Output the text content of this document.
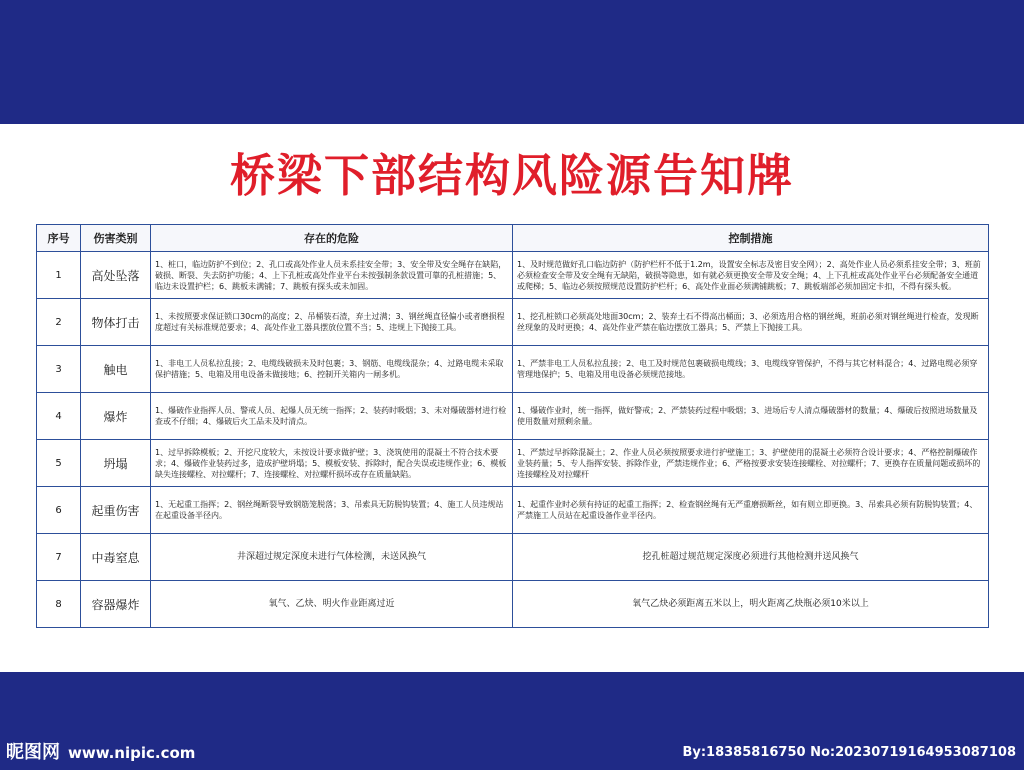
桥梁下部结构风险源告知牌
序号	伤害类别	存在的危险	控制措施
1	高处坠落	1、桩口，临边防护不到位；2、孔口或高处作业人员未系挂安全带；3、安全带及安全绳存在缺陷，破损、断裂、失去防护功能；4、上下孔桩或高处作业平台未按强制条款设置可靠的孔桩措施；5、临边未设置护栏；6、跳板未满铺；7、跳板有探头或未加固。	1、及时规范做好孔口临边防护（防护栏杆不低于1.2m，设置安全标志及密目安全网）；2、高处作业人员必须系挂安全带；3、班前必须检查安全带及安全绳有无缺陷，破损等隐患，如有就必须更换安全带及安全绳；4、上下孔桩或高处作业平台必须配备安全通道或爬梯；5、临边必须按照规范设置防护栏杆；6、高处作业面必须满铺跳板；7、跳板端部必须加固定卡扣，不得有探头板。
2	物体打击	1、未按照要求保证锁口30cm的高度；2、吊桶装石渣，弃土过满；3、钢丝绳直径偏小或者磨损程度超过有关标准规范要求；4、高处作业工器具摆放位置不当；5、违规上下抛接工具。	1、挖孔桩锁口必须高处地面30cm；2、装弃土石不得高出桶面；3、必须选用合格的钢丝绳，班前必须对钢丝绳进行检查，发现断丝现象的及时更换；4、高处作业严禁在临边摆放工器具；5、严禁上下抛接工具。
3	触电	1、非电工人员私拉乱接；2、电缆线破损未及时包裹；3、钢筋、电缆线混杂；4、过路电缆未采取保护措施；5、电箱及用电设备未做接地；6、控制开关箱内一闸多机。	1、严禁非电工人员私拉乱接；2、电工及时规范包裹破损电缆线；3、电缆线穿管保护，不得与其它材料混合；4、过路电缆必须穿管理地保护；5、电箱及用电设备必须规范接地。
4	爆炸	1、爆破作业指挥人员、警戒人员、起爆人员无统一指挥；2、装药时吸烟；3、未对爆破器材进行检查或不仔细；4、爆破后火工品未及时清点。	1、爆破作业时，统一指挥，做好警戒；2、严禁装药过程中吸烟；3、进场后专人清点爆破器材的数量；4、爆破后按照进场数量及使用数量对照剩余量。
5	坍塌	1、过早拆除模板；2、开挖尺度较大，未按设计要求做护壁；3、浇筑使用的混凝土不符合技术要求；4、爆破作业装药过多，造成护壁坍塌；5、模板安装、拆除时，配合失误或违规作业；6、模板缺失连接螺栓、对拉螺杆；7、连接螺栓、对拉螺杆损坏或存在质量缺陷。	1、严禁过早拆除混凝土；2、作业人员必须按照要求进行护壁施工；3、护壁使用的混凝土必须符合设计要求；4、严格控制爆破作业装药量；5、专人指挥安装、拆除作业，严禁违规作业；6、严格按要求安装连接螺栓、对拉螺杆；7、更换存在质量问题或损坏的连接螺栓及对拉螺杆
6	起重伤害	1、无起重工指挥；2、钢丝绳断裂导致钢筋笼脱落；3、吊索具无防脱钩装置；4、施工人员违规站在起重设备半径内。	1、起重作业时必须有持证的起重工指挥；2、检查钢丝绳有无严重磨损断丝，如有则立即更换。3、吊索具必须有防脱钩装置；4、严禁施工人员站在起重设备作业半径内。
7	中毒窒息	井深超过规定深度未进行气体检测，未送风换气	挖孔桩超过规范规定深度必须进行其他检测并送风换气
8	容器爆炸	氧气、乙炔、明火作业距离过近	氧气乙炔必须距离五米以上，明火距离乙炔瓶必须10米以上
昵图网 www.nipic.com	By:18385816750 No:20230719164953087108
